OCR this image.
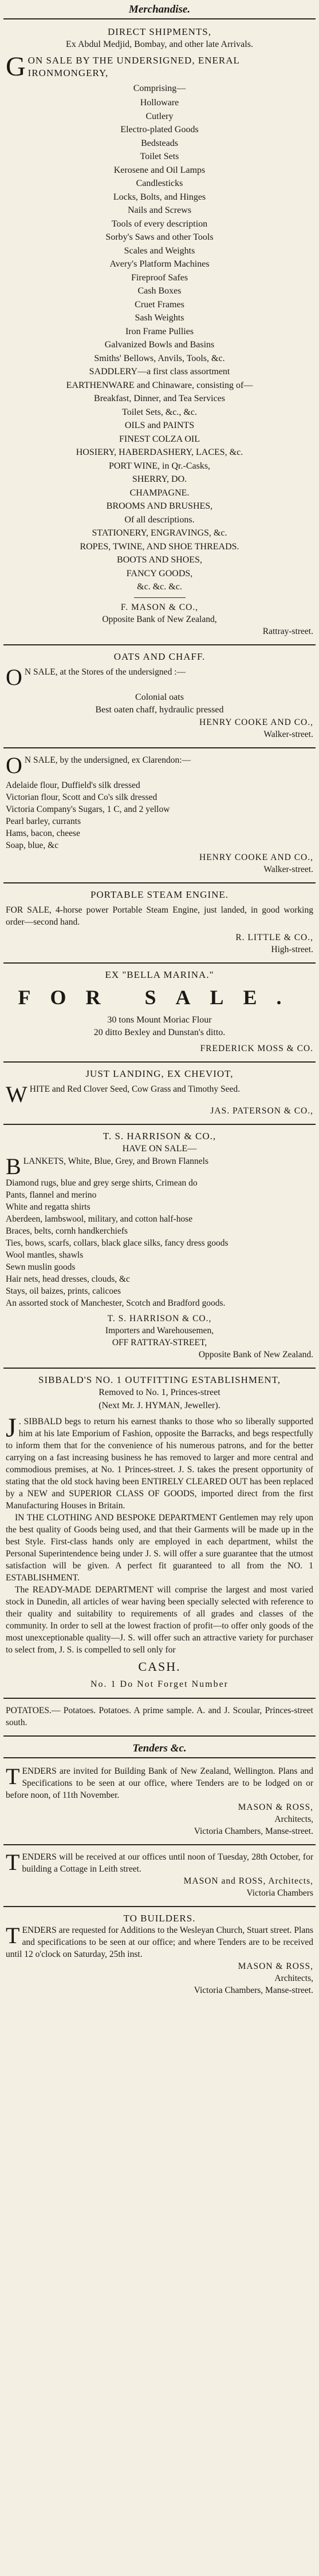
Merchandise.
DIRECT SHIPMENTS,
Ex Abdul Medjid, Bombay, and other late Arrivals.
G ON SALE BY THE UNDERSIGNED, ENERAL IRONMONGERY,
Comprising—
Holloware
Cutlery
Electro-plated Goods
Bedsteads
Toilet Sets
Kerosene and Oil Lamps
Candlesticks
Locks, Bolts, and Hinges
Nails and Screws
Tools of every description
Sorby's Saws and other Tools
Scales and Weights
Avery's Platform Machines
Fireproof Safes
Cash Boxes
Cruet Frames
Sash Weights
Iron Frame Pullies
Galvanized Bowls and Basins
Smiths' Bellows, Anvils, Tools, &c.
SADDLERY—a first class assortment
EARTHENWARE and Chinaware, consisting of—
Breakfast, Dinner, and Tea Services
Toilet Sets, &c., &c.
OILS and PAINTS
FINEST COLZA OIL
HOSIERY, HABERDASHERY, LACES, &c.
PORT WINE, in Qr.-Casks,
SHERRY, DO.
CHAMPAGNE.
BROOMS AND BRUSHES,
Of all descriptions.
STATIONERY, ENGRAVINGS, &c.
ROPES, TWINE, AND SHOE THREADS.
BOOTS AND SHOES,
FANCY GOODS,
&c. &c. &c.
F. MASON & CO.,
Opposite Bank of New Zealand,
Rattray-street.
OATS AND CHAFF.
O N SALE, at the Stores of the undersigned :—
Colonial oats
Best oaten chaff, hydraulic pressed
HENRY COOKE AND CO.,
Walker-street.
O N SALE, by the undersigned, ex Clarendon:—
Adelaide flour, Duffield's silk dressed
Victorian flour, Scott and Co's silk dressed
Victoria Company's Sugars, 1 C, and 2 yellow
Pearl barley, currants
Hams, bacon, cheese
Soap, blue, &c
HENRY COOKE AND CO.,
Walker-street.
PORTABLE STEAM ENGINE.
FOR SALE, 4-horse power Portable Steam Engine, just landed, in good working order—second hand.
R. LITTLE & CO.,
High-street.
EX "BELLA MARINA."
FOR SALE.
30 tons Mount Moriac Flour
20 ditto Bexley and Dunstan's ditto.
FREDERICK MOSS & CO.
JUST LANDING, EX CHEVIOT,
W HITE and Red Clover Seed, Cow Grass and Timothy Seed.
JAS. PATERSON & CO.,
T. S. HARRISON & CO.,
HAVE ON SALE—
B LANKETS, White, Blue, Grey, and Brown Flannels
Diamond rugs, blue and grey serge shirts, Crimean do
Pants, flannel and merino
White and regatta shirts
Aberdeen, lambswool, military, and cotton half-hose
Braces, belts, cornh handkerchiefs
Ties, bows, scarfs, collars, black glace silks, fancy dress goods
Wool mantles, shawls
Sewn muslin goods
Hair nets, head dresses, clouds, &c
Stays, oil baizes, prints, calicoes
An assorted stock of Manchester, Scotch and Bradford goods.
T. S. HARRISON & CO.,
Importers and Warehousemen,
OFF RATTRAY-STREET,
Opposite Bank of New Zealand.
SIBBALD'S NO. 1 OUTFITTING ESTABLISHMENT,
Removed to No. 1, Princes-street
(Next Mr. J. HYMAN, Jeweller).
J . SIBBALD begs to return his earnest thanks to those who so liberally supported him at his late Emporium of Fashion, opposite the Barracks, and begs respectfully to inform them that for the convenience of his numerous patrons, and for the better carrying on a fast increasing business he has removed to larger and more central and commodious premises, at No. 1 Princes-street. J. S. takes the present opportunity of stating that the old stock having been ENTIRELY CLEARED OUT has been replaced by a NEW and SUPERIOR CLASS OF GOODS, imported direct from the first Manufacturing Houses in Britain.
IN THE CLOTHING AND BESPOKE DEPARTMENT Gentlemen may rely upon the best quality of Goods being used, and that their Garments will be made up in the best Style. First-class hands only are employed in each department, whilst the Personal Superintendence being under J. S. will offer a sure guarantee that the utmost satisfaction will be given. A perfect fit guaranteed to all from the NO. 1 ESTABLISHMENT.
The READY-MADE DEPARTMENT will comprise the largest and most varied stock in Dunedin, all articles of wear having been specially selected with reference to their quality and suitability to requirements of all grades and classes of the community. In order to sell at the lowest fraction of profit—to offer only goods of the most unexceptionable quality—J. S. will offer such an attractive variety for purchaser to select from, J. S. is compelled to sell only for
CASH.
No. 1 Do Not Forget Number
POTATOES.— Potatoes. Potatoes. A prime sample. A. and J. Scoular, Princes-street south.
Tenders &c.
T ENDERS are invited for Building Bank of New Zealand, Wellington. Plans and Specifications to be seen at our office, where Tenders are to be lodged on or before noon, of 11th November.
MASON & ROSS,
Architects,
Victoria Chambers, Manse-street.
T ENDERS will be received at our offices until noon of Tuesday, 28th October, for building a Cottage in Leith street.
MASON and ROSS, Architects,
Victoria Chambers
TO BUILDERS.
T ENDERS are requested for Additions to the Wesleyan Church, Stuart street. Plans and specifications to be seen at our office; and where Tenders are to be received until 12 o'clock on Saturday, 25th inst.
MASON & ROSS,
Architects,
Victoria Chambers, Manse-street.
